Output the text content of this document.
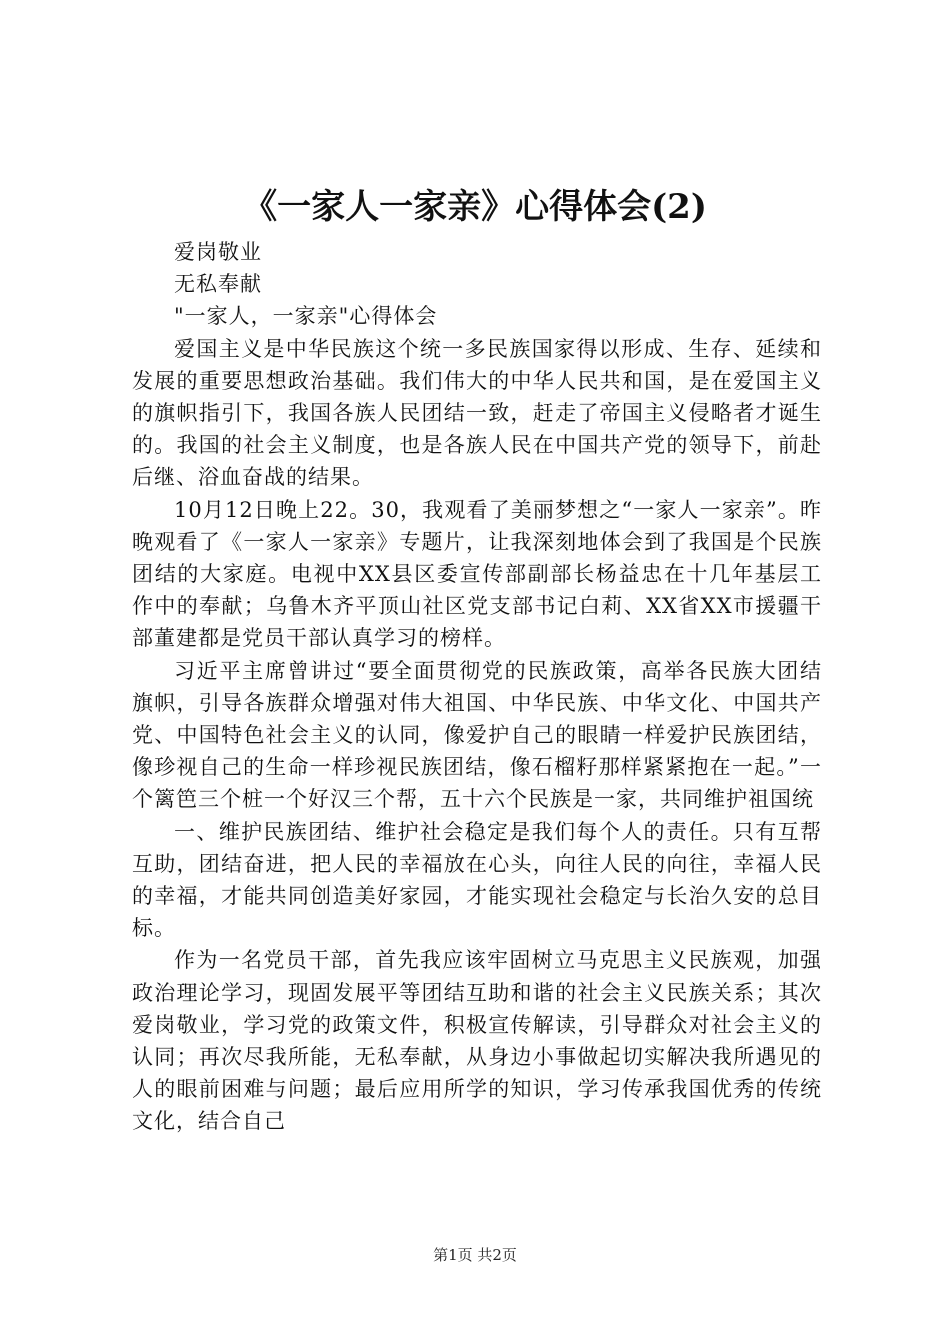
《一家人一家亲》心得体会(2)

爱岗敬业

无私奉献

"一家人，一家亲"心得体会

爱国主义是中华民族这个统一多民族国家得以形成、生存、延续和发展的重要思想政治基础。我们伟大的中华人民共和国，是在爱国主义的旗帜指引下，我国各族人民团结一致，赶走了帝国主义侵略者才诞生的。我国的社会主义制度，也是各族人民在中国共产党的领导下，前赴后继、浴血奋战的结果。

10月12日晚上22。30，我观看了美丽梦想之“一家人一家亲”。昨晚观看了《一家人一家亲》专题片，让我深刻地体会到了我国是个民族团结的大家庭。电视中XX县区委宣传部副部长杨益忠在十几年基层工作中的奉献；乌鲁木齐平顶山社区党支部书记白莉、XX省XX市援疆干部董建都是党员干部认真学习的榜样。

习近平主席曾讲过“要全面贯彻党的民族政策，高举各民族大团结旗帜，引导各族群众增强对伟大祖国、中华民族、中华文化、中国共产党、中国特色社会主义的认同，像爱护自己的眼睛一样爱护民族团结，像珍视自己的生命一样珍视民族团结，像石榴籽那样紧紧抱在一起。”一个篱笆三个桩一个好汉三个帮，五十六个民族是一家，共同维护祖国统

一、维护民族团结、维护社会稳定是我们每个人的责任。只有互帮互助，团结奋进，把人民的幸福放在心头，向往人民的向往，幸福人民的幸福，才能共同创造美好家园，才能实现社会稳定与长治久安的总目标。

作为一名党员干部，首先我应该牢固树立马克思主义民族观，加强政治理论学习，现固发展平等团结互助和谐的社会主义民族关系；其次爱岗敬业，学习党的政策文件，积极宣传解读，引导群众对社会主义的认同；再次尽我所能，无私奉献，从身边小事做起切实解决我所遇见的人的眼前困难与问题；最后应用所学的知识，学习传承我国优秀的传统文化，结合自己

第1页 共2页
